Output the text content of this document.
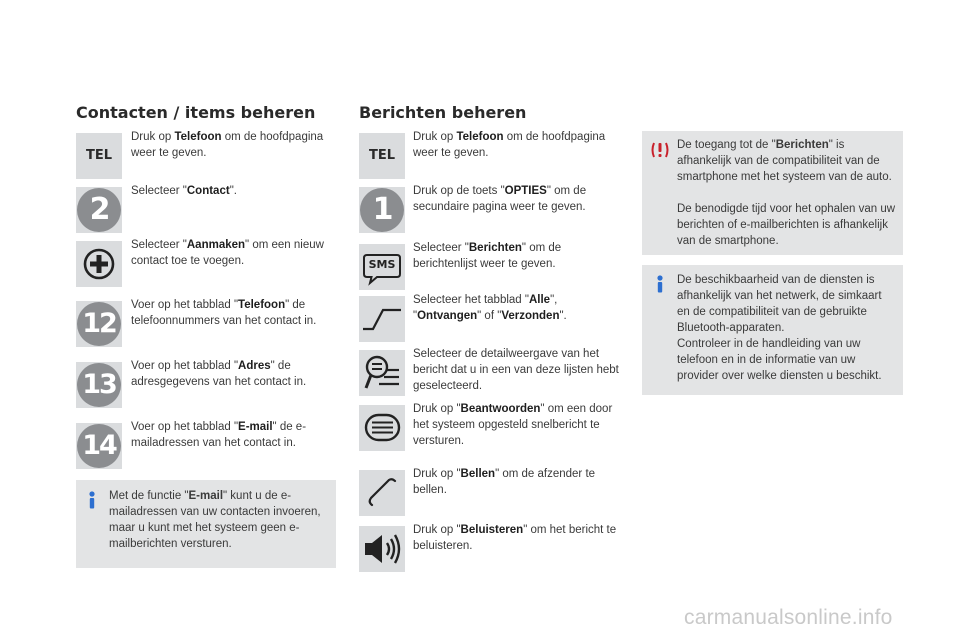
Contacten / items beheren
TEL
Druk op Telefoon om de hoofdpagina weer te geven.
2
Selecteer "Contact".
Selecteer "Aanmaken" om een nieuw contact toe te voegen.
12
Voer op het tabblad "Telefoon" de telefoonnummers van het contact in.
13
Voer op het tabblad "Adres" de adresgegevens van het contact in.
14
Voer op het tabblad "E-mail" de e-mailadressen van het contact in.
Met de functie "E-mail" kunt u de e-mailadressen van uw contacten invoeren, maar u kunt met het systeem geen e-mailberichten versturen.
Berichten beheren
TEL
Druk op Telefoon om de hoofdpagina weer te geven.
1
Druk op de toets "OPTIES" om de secundaire pagina weer te geven.
SMS
Selecteer "Berichten" om de berichtenlijst weer te geven.
Selecteer het tabblad "Alle", "Ontvangen" of "Verzonden".
Selecteer de detailweergave van het bericht dat u in een van deze lijsten hebt geselecteerd.
Druk op "Beantwoorden" om een door het systeem opgesteld snelbericht te versturen.
Druk op "Bellen" om de afzender te bellen.
Druk op "Beluisteren" om het bericht te beluisteren.
De toegang tot de "Berichten" is afhankelijk van de compatibiliteit van de smartphone met het systeem van de auto.
De benodigde tijd voor het ophalen van uw berichten of e-mailberichten is afhankelijk van de smartphone.
De beschikbaarheid van de diensten is afhankelijk van het netwerk, de simkaart en de compatibiliteit van de gebruikte Bluetooth-apparaten.
Controleer in de handleiding van uw telefoon en in de informatie van uw provider over welke diensten u beschikt.
carmanualsonline.info
